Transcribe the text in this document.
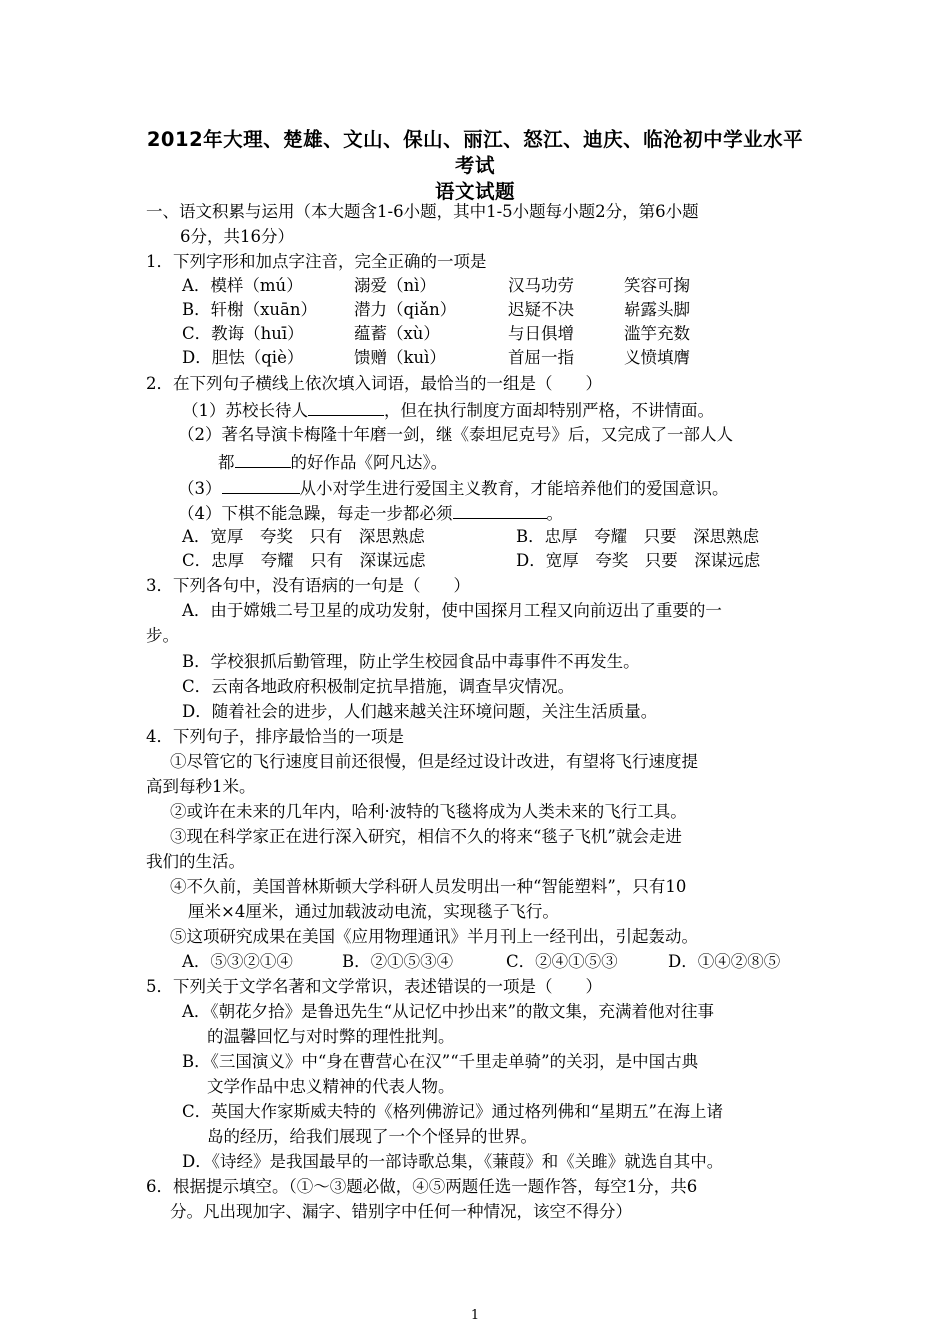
2012年大理、楚雄、文山、保山、丽江、怒江、迪庆、临沧初中学业水平
考试
语文试题
一、语文积累与运用（本大题含1-6小题，其中1-5小题每小题2分，第6小题
6分，共16分）
1．下列字形和加点字注音，完全正确的一项是
A．模样（mú）	溺爱（nì）	汉马功劳	笑容可掬
B．轩榭（xuān） 潜力（qiǎn）	迟疑不决	崭露头脚
C．教诲（huī）	蕴蓄（xù）	与日俱增	滥竽充数
D．胆怯（qiè）	馈赠（kuì）	首屈一指	义愤填膺
2．在下列句子横线上依次填入词语，最恰当的一组是（　　）
（1）苏校长待人	，但在执行制度方面却特别严格，不讲情面。
（2）著名导演卡梅隆十年磨一剑，继《泰坦尼克号》后，又完成了一部人人
都	的好作品《阿凡达》。
（3）	从小对学生进行爱国主义教育，才能培养他们的爱国意识。
（4）下棋不能急躁，每走一步都必须	。
A．宽厚　夸奖　只有　深思熟虑	B．忠厚　夸耀　只要　深思熟虑
C．忠厚　夸耀　只有　深谋远虑	D．宽厚　夸奖　只要　深谋远虑
3．下列各句中，没有语病的一句是（　　）
A．由于嫦娥二号卫星的成功发射，使中国探月工程又向前迈出了重要的一
步。
B．学校狠抓后勤管理，防止学生校园食品中毒事件不再发生。
C．云南各地政府积极制定抗旱措施，调查旱灾情况。
D．随着社会的进步，人们越来越关注环境问题，关注生活质量。
4．下列句子，排序最恰当的一项是
①尽管它的飞行速度目前还很慢，但是经过设计改进，有望将飞行速度提
高到每秒1米。
②或许在未来的几年内，哈利·波特的飞毯将成为人类未来的飞行工具。
③现在科学家正在进行深入研究，相信不久的将来“毯子飞机”就会走进
我们的生活。
④不久前，美国普林斯顿大学科研人员发明出一种“智能塑料”，只有10
厘米×4厘米，通过加载波动电流，实现毯子飞行。
⑤这项研究成果在美国《应用物理通讯》半月刊上一经刊出，引起轰动。
A．⑤③②①④	B．②①⑤③④	C．②④①⑤③	D．①④②⑧⑤
5．下列关于文学名著和文学常识，表述错误的一项是（　　）
A．《朝花夕拾》是鲁迅先生“从记忆中抄出来”的散文集，充满着他对往事
的温馨回忆与对时弊的理性批判。
B．《三国演义》中“身在曹营心在汉”“千里走单骑”的关羽，是中国古典
文学作品中忠义精神的代表人物。
C．英国大作家斯威夫特的《格列佛游记》通过格列佛和“星期五”在海上诸
岛的经历，给我们展现了一个个怪异的世界。
D．《诗经》是我国最早的一部诗歌总集，《蒹葭》和《关雎》就选自其中。
6．根据提示填空。（①～③题必做，④⑤两题任选一题作答，每空1分，共6
分。凡出现加字、漏字、错别字中任何一种情况，该空不得分）
1
